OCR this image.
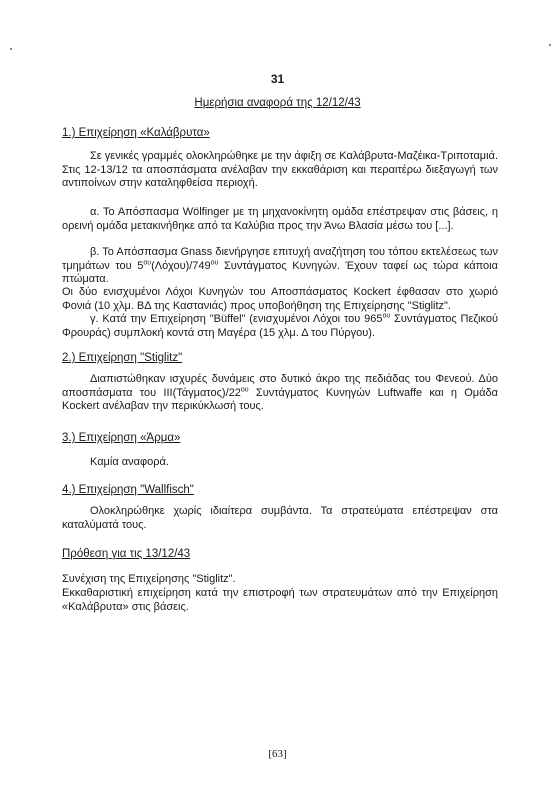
31
Ημερήσια αναφορά της 12/12/43
1.) Επιχείρηση «Καλάβρυτα»
Σε γενικές γραμμές ολοκληρώθηκε με την άφιξη σε Καλάβρυτα-Μαζέικα-Τριποταμιά. Στις 12-13/12 τα αποσπάσματα ανέλαβαν την εκκαθάριση και περαιτέρω διεξαγωγή των αντιποίνων στην καταληφθείσα περιοχή.
α. Το Απόσπασμα Wölfinger με τη μηχανοκίνητη ομάδα επέστρεψαν στις βάσεις, η ορεινή ομάδα μετακινήθηκε από τα Καλύβια προς την Άνω Βλασία μέσω του [...].
β. Το Απόσπασμα Gnass διενήργησε επιτυχή αναζήτηση του τόπου εκτελέσεως των τμημάτων του $5^{o\upsilon}(\Lambda ό\chi o\upsilon)/749^{o\upsilon}$ Συντάγματος Κυνηγών. Έχουν ταφεί ως τώρα κάποια πτώματα.
Οι δύο ενισχυμένοι Λόχοι Κυνηγών του Αποσπάσματος Kockert έφθασαν στο χωριό Φονιά (10 χλμ. ΒΔ της Καστανιάς) προς υποβοήθηση της Επιχείρησης "Stiglitz".
γ. Κατά την Επιχείρηση "Büffel" (ενισχυμένοι Λόχοι του $965^{o\upsilon}$ Συντάγματος Πεζικού Φρουράς) συμπλοκή κοντά στη Μαγέρα (15 χλμ. Δ του Πύργου).
2.) Επιχείρηση "Stiglitz"
Διαπιστώθηκαν ισχυρές δυνάμεις στο δυτικό άκρο της πεδιάδας του Φενεού. Δύο αποσπάσματα του $III(Tά\gamma\mu\alpha\tau o\varsigma)/22^{o\upsilon}$ Συντάγματος Κυνηγών Luftwaffe και η Ομάδα Kockert ανέλαβαν την περικύκλωσή τους.
3.) Επιχείρηση «Άρμα»
Καμία αναφορά.
4.) Επιχείρηση "Wallfisch"
Ολοκληρώθηκε χωρίς ιδιαίτερα συμβάντα. Τα στρατεύματα επέστρεψαν στα καταλύματά τους.
Πρόθεση για τις 13/12/43
Συνέχιση της Επιχείρησης "Stiglitz".
Εκκαθαριστική επιχείρηση κατά την επιστροφή των στρατευμάτων από την Επιχείρηση «Καλάβρυτα» στις βάσεις.
[63]
